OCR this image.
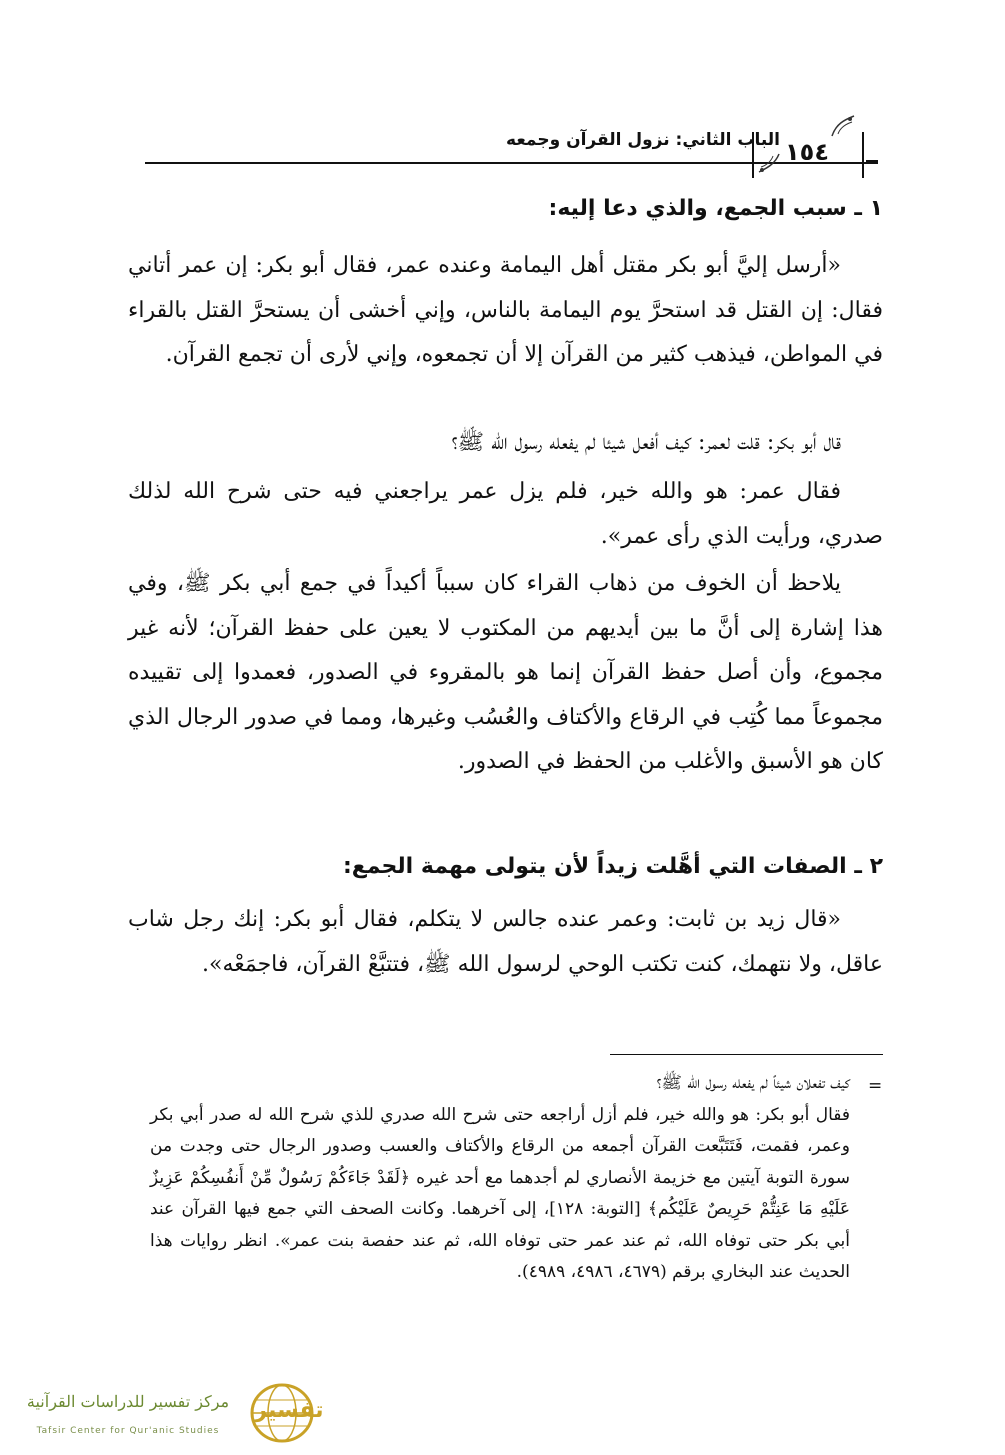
الباب الثاني: نزول القرآن وجمعه ١٥٤
١ ـ سبب الجمع، والذي دعا إليه:

«أرسل إليَّ أبو بكر مقتل أهل اليمامة وعنده عمر، فقال أبو بكر: إن عمر أتاني فقال: إن القتل قد استحرَّ يوم اليمامة بالناس، وإني أخشى أن يستحرَّ القتل بالقراء في المواطن، فيذهب كثير من القرآن إلا أن تجمعوه، وإني لأرى أن تجمع القرآن.

قال أبو بكر: قلت لعمر: كيف أفعل شيئا لم يفعله رسول الله ﷺ؟

فقال عمر: هو والله خير، فلم يزل عمر يراجعني فيه حتى شرح الله لذلك صدري، ورأيت الذي رأى عمر».

يلاحظ أن الخوف من ذهاب القراء كان سبباً أكيداً في جمع أبي بكر ﷺ، وفي هذا إشارة إلى أنَّ ما بين أيديهم من المكتوب لا يعين على حفظ القرآن؛ لأنه غير مجموع، وأن أصل حفظ القرآن إنما هو بالمقروء في الصدور، فعمدوا إلى تقييده مجموعاً مما كُتِب في الرقاع والأكتاف والعُسُب وغيرها، ومما في صدور الرجال الذي كان هو الأسبق والأغلب من الحفظ في الصدور.

٢ ـ الصفات التي أهَّلت زيداً لأن يتولى مهمة الجمع:

«قال زيد بن ثابت: وعمر عنده جالس لا يتكلم، فقال أبو بكر: إنك رجل شاب عاقل، ولا نتهمك، كنت تكتب الوحي لرسول الله ﷺ، فتتبَّعْ القرآن، فاجمَعْه».

=

كيف تفعلان شيئاً لم يفعله رسول الله ﷺ؟

فقال أبو بكر: هو والله خير، فلم أزل أراجعه حتى شرح الله صدري للذي شرح الله له صدر أبي بكر وعمر، فقمت، فَتَتَبَّعت القرآن أجمعه من الرقاع والأكتاف والعسب وصدور الرجال حتى وجدت من سورة التوبة آيتين مع خزيمة الأنصاري لم أجدهما مع أحد غيره ﴿لَقَدْ جَاءَكُمْ رَسُولٌ مِّنْ أَنفُسِكُمْ عَزِيزٌ عَلَيْهِ مَا عَنِتُّمْ حَرِيصٌ عَلَيْكُم﴾ [التوبة: ١٢٨]، إلى آخرهما. وكانت الصحف التي جمع فيها القرآن عند أبي بكر حتى توفاه الله، ثم عند عمر حتى توفاه الله، ثم عند حفصة بنت عمر». انظر روايات هذا الحديث عند البخاري برقم (٤٦٧٩، ٤٩٨٦، ٤٩٨٩).

مركز تفسير للدراسات القرآنية
Tafsir Center for Qur'anic Studies
تفسير
